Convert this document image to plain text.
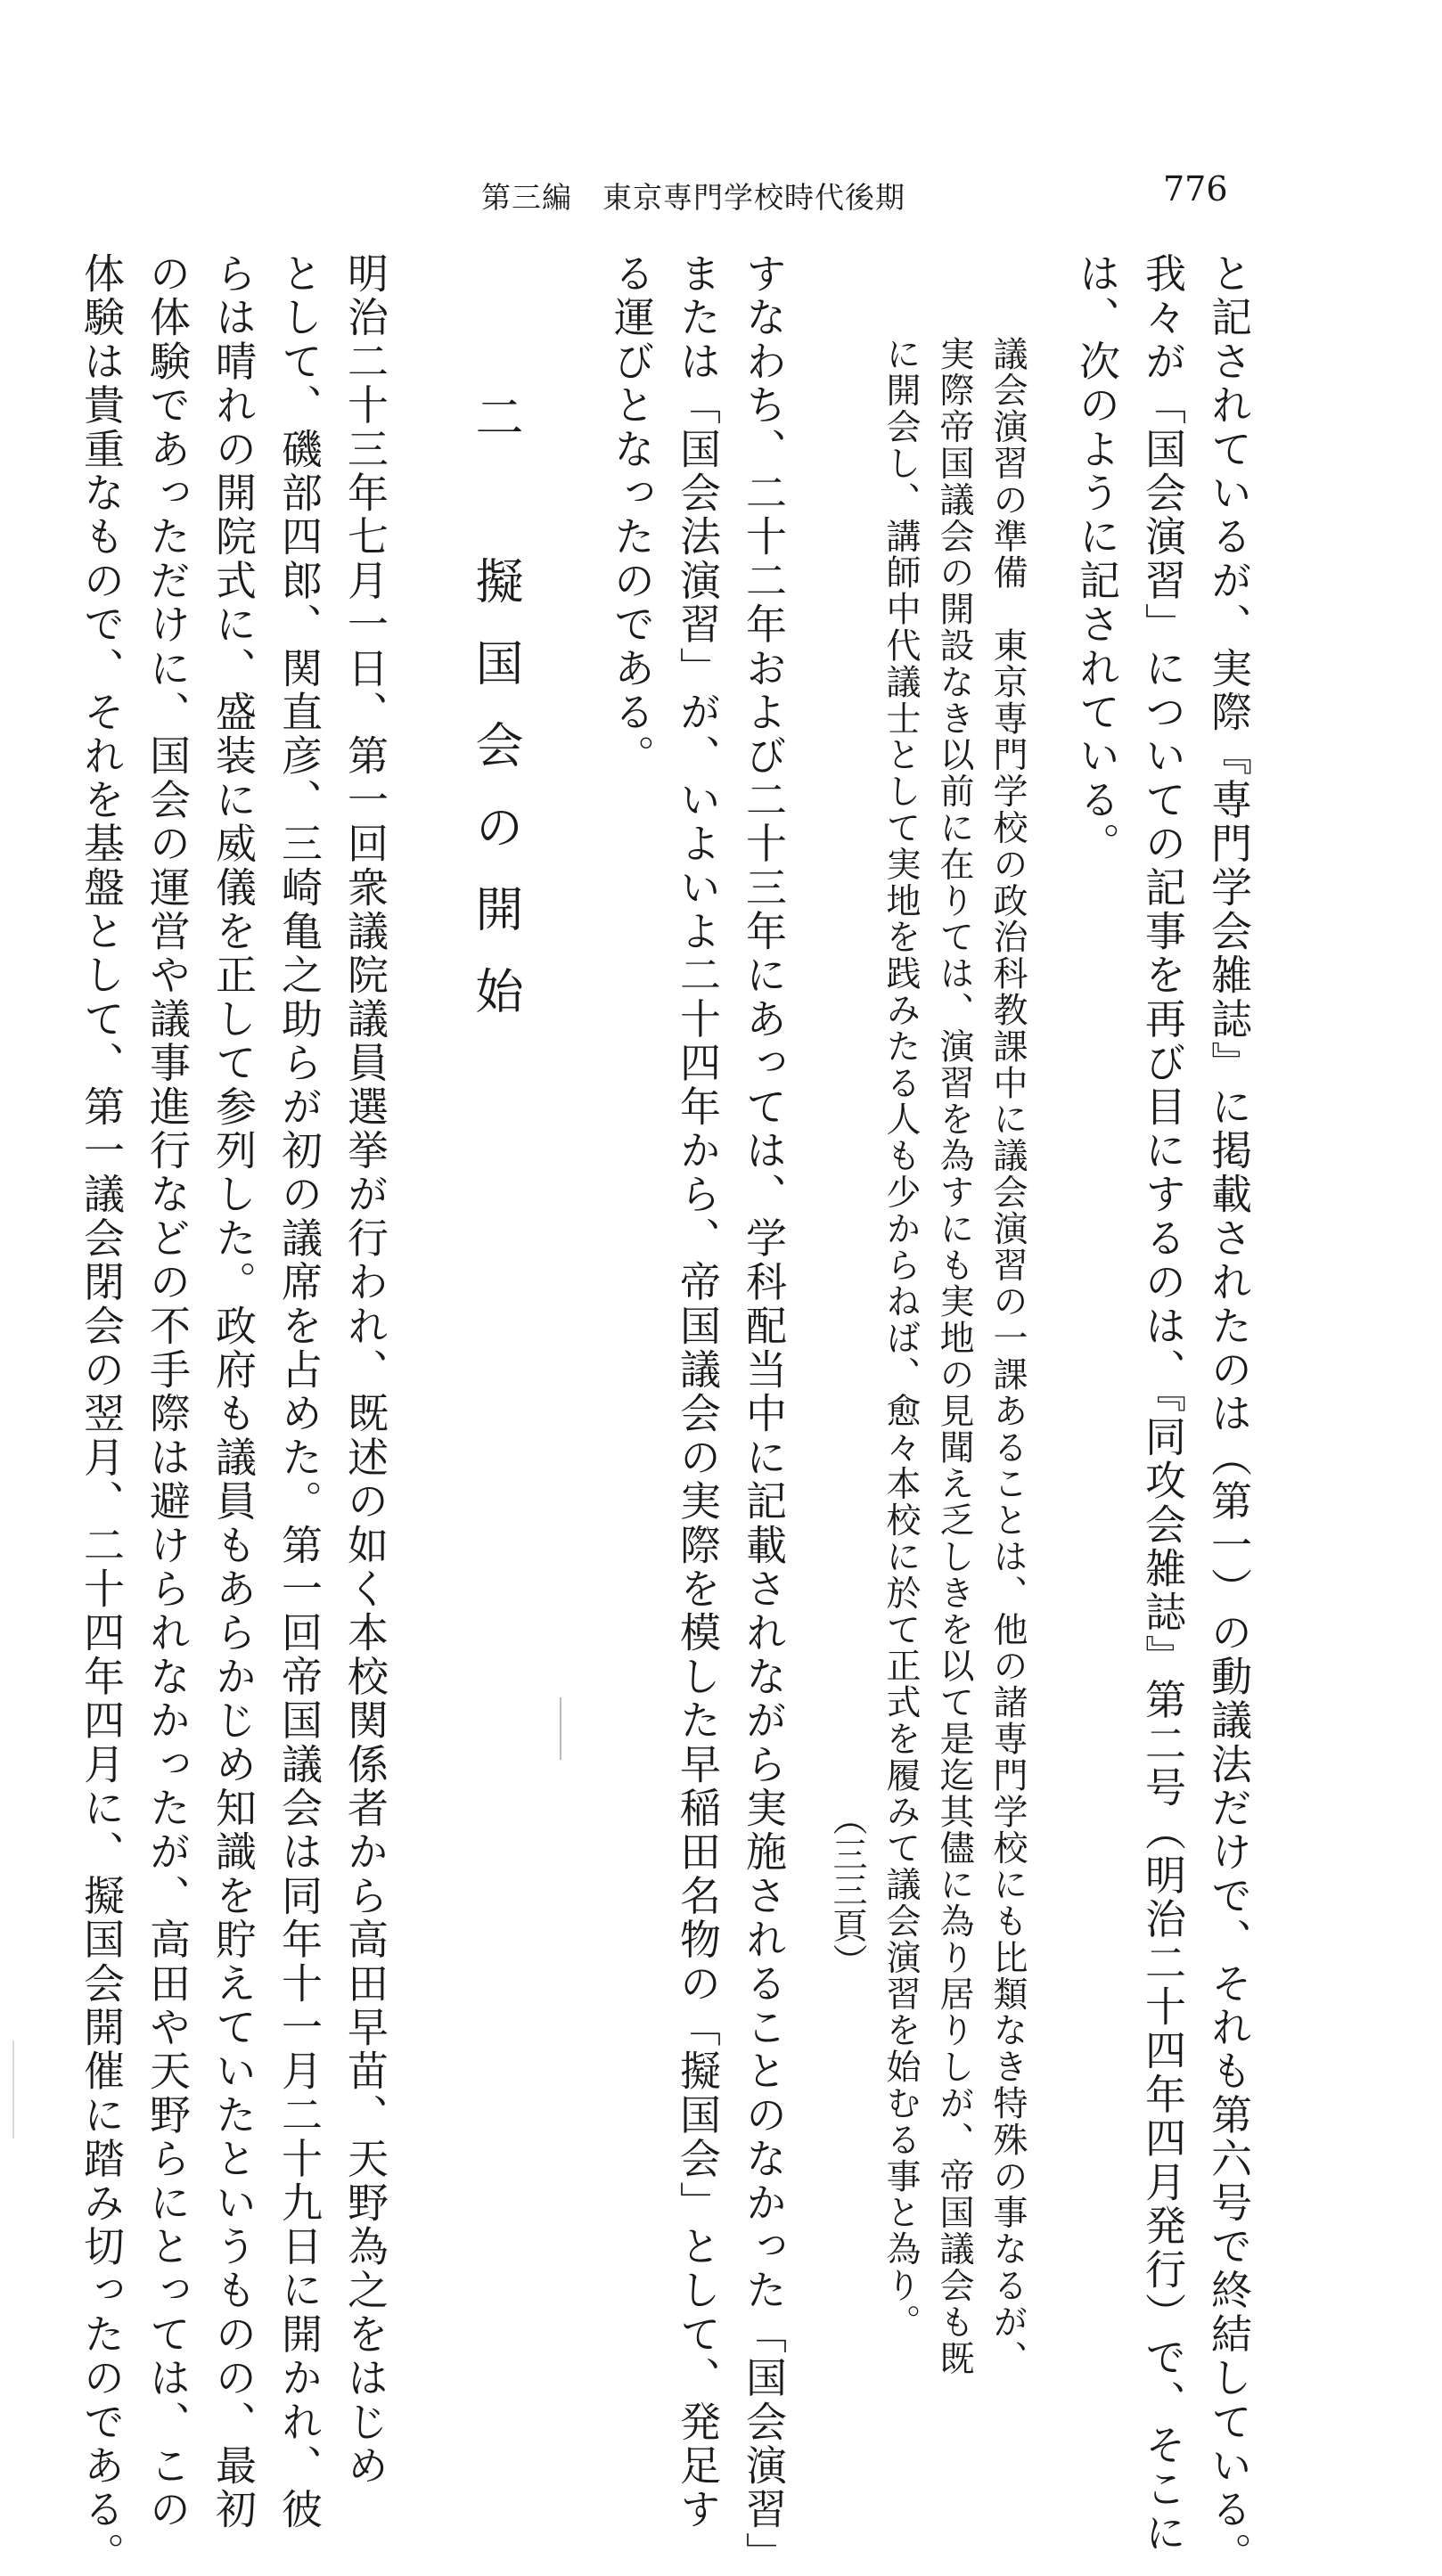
第三編　東京専門学校時代後期	776
と記されているが、実際『専門学会雑誌』に掲載されたのは（第一）の動議法だけで、それも第六号で終結している。
我々が「国会演習」についての記事を再び目にするのは、『同攻会雑誌』第二号（明治二十四年四月発行）で、そこに
は、次のように記されている。
議会演習の準備　東京専門学校の政治科教課中に議会演習の一課あることは、他の諸専門学校にも比類なき特殊の事なるが、
実際帝国議会の開設なき以前に在りては、演習を為すにも実地の見聞え乏しきを以て是迄其儘に為り居りしが、帝国議会も既
に開会し、講師中代議士として実地を践みたる人も少からねば、愈々本校に於て正式を履みて議会演習を始むる事と為り。
（三三頁）
すなわち、二十二年および二十三年にあっては、学科配当中に記載されながら実施されることのなかった「国会演習」
または「国会法演習」が、いよいよ二十四年から、帝国議会の実際を模した早稲田名物の「擬国会」として、発足す
る運びとなったのである。
二　擬国会の開始
明治二十三年七月一日、第一回衆議院議員選挙が行われ、既述の如く本校関係者から高田早苗、天野為之をはじめ
として、磯部四郎、関直彦、三崎亀之助らが初の議席を占めた。第一回帝国議会は同年十一月二十九日に開かれ、彼
らは晴れの開院式に、盛装に威儀を正して参列した。政府も議員もあらかじめ知識を貯えていたというものの、最初
の体験であっただけに、国会の運営や議事進行などの不手際は避けられなかったが、高田や天野らにとっては、この
体験は貴重なもので、それを基盤として、第一議会閉会の翌月、二十四年四月に、擬国会開催に踏み切ったのである。
